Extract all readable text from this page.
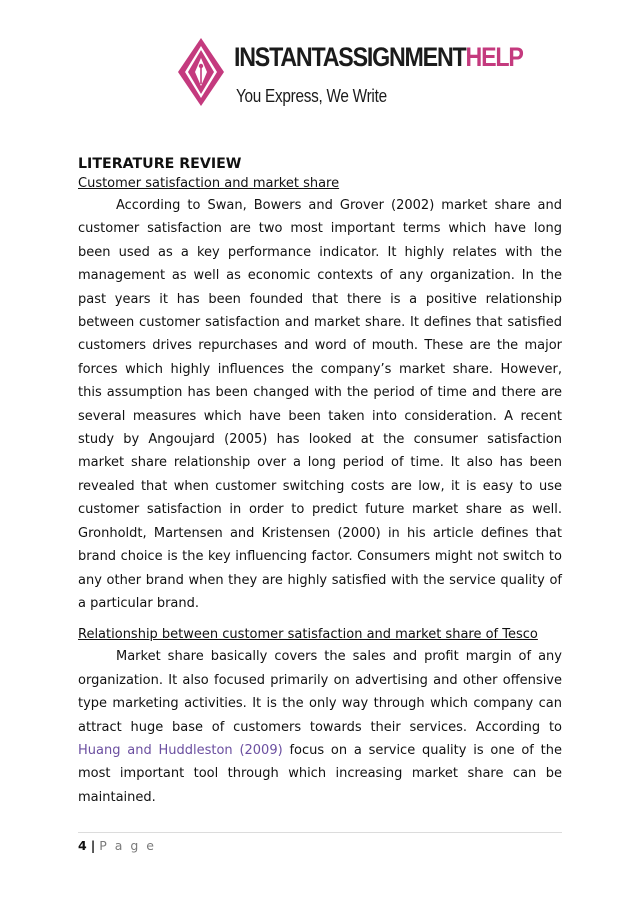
INSTANTASSIGNMENTHELP
You Express, We Write
LITERATURE REVIEW
Customer satisfaction and market share

According to Swan, Bowers and Grover (2002) market share and customer satisfaction are two most important terms which have long been used as a key performance indicator. It highly relates with the management as well as economic contexts of any organization. In the past years it has been founded that there is a positive relationship between customer satisfaction and market share. It defines that satisfied customers drives repurchases and word of mouth. These are the major forces which highly influences the company’s market share. However, this assumption has been changed with the period of time and there are several measures which have been taken into consideration. A recent study by Angoujard (2005) has looked at the consumer satisfaction market share relationship over a long period of time. It also has been revealed that when customer switching costs are low, it is easy to use customer satisfaction in order to predict future market share as well. Gronholdt, Martensen and Kristensen (2000) in his article defines that brand choice is the key influencing factor. Consumers might not switch to any other brand when they are highly satisfied with the service quality of a particular brand.

Relationship between customer satisfaction and market share of Tesco

Market share basically covers the sales and profit margin of any organization. It also focused primarily on advertising and other offensive type marketing activities. It is the only way through which company can attract huge base of customers towards their services. According to Huang and Huddleston (2009) focus on a service quality is one of the most important tool through which increasing market share can be maintained.

4 | P a g e
